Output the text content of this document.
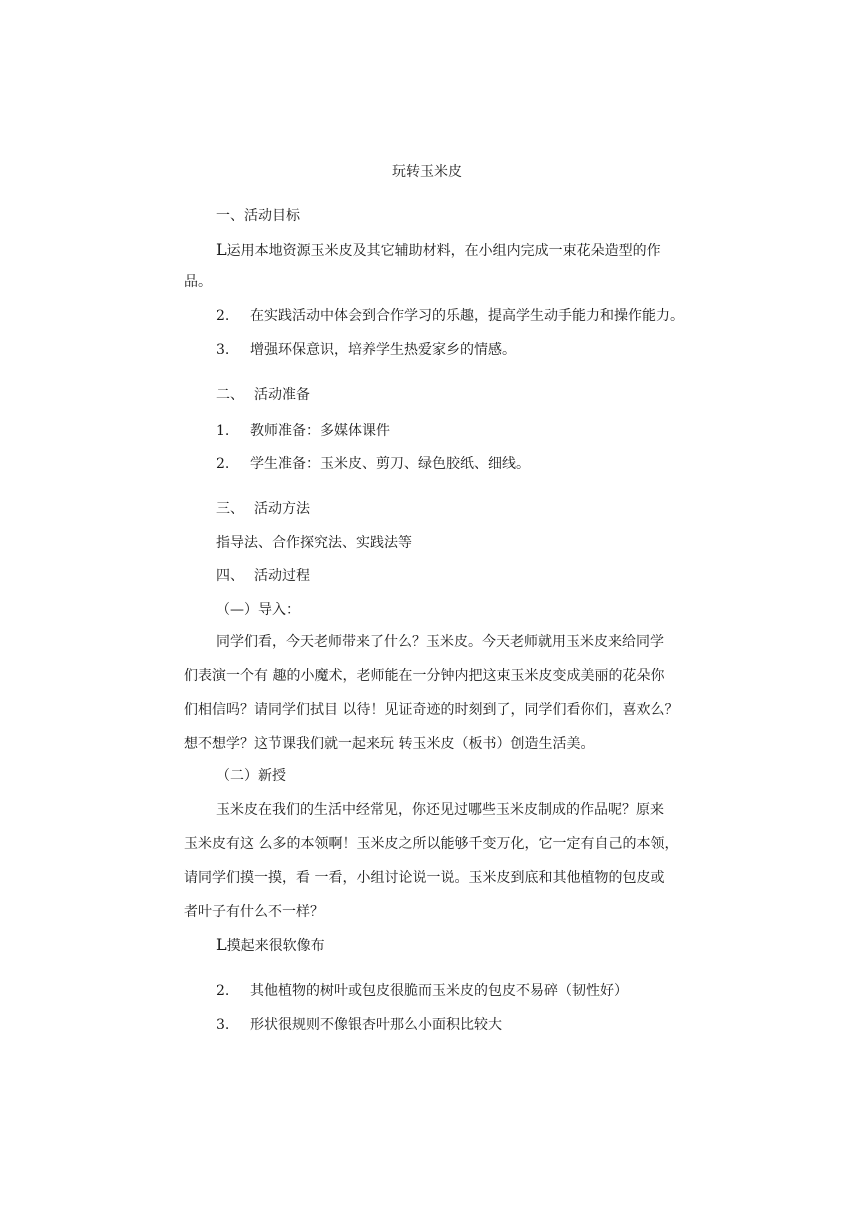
玩转玉米皮
一、活动目标
L运用本地资源玉米皮及其它辅助材料，在小组内完成一束花朵造型的作
品。
2. 在实践活动中体会到合作学习的乐趣，提高学生动手能力和操作能力。
3. 增强环保意识，培养学生热爱家乡的情感。
二、 活动准备
1. 教师准备：多媒体课件
2. 学生准备：玉米皮、剪刀、绿色胶纸、细线。
三、 活动方法
指导法、合作探究法、实践法等
四、 活动过程
（—）导入：
同学们看，今天老师带来了什么？玉米皮。今天老师就用玉米皮来给同学
们表演一个有 趣的小魔术，老师能在一分钟内把这束玉米皮变成美丽的花朵你
们相信吗？请同学们拭目 以待！见证奇迹的时刻到了，同学们看你们，喜欢么？
想不想学？这节课我们就一起来玩 转玉米皮（板书）创造生活美。
（二）新授
玉米皮在我们的生活中经常见，你还见过哪些玉米皮制成的作品呢？原来
玉米皮有这 么多的本领啊！玉米皮之所以能够千变万化，它一定有自己的本领，
请同学们摸一摸，看 一看，小组讨论说一说。玉米皮到底和其他植物的包皮或
者叶子有什么不一样？
L摸起来很软像布
2. 其他植物的树叶或包皮很脆而玉米皮的包皮不易碎（韧性好）
3. 形状很规则不像银杏叶那么小面积比较大
